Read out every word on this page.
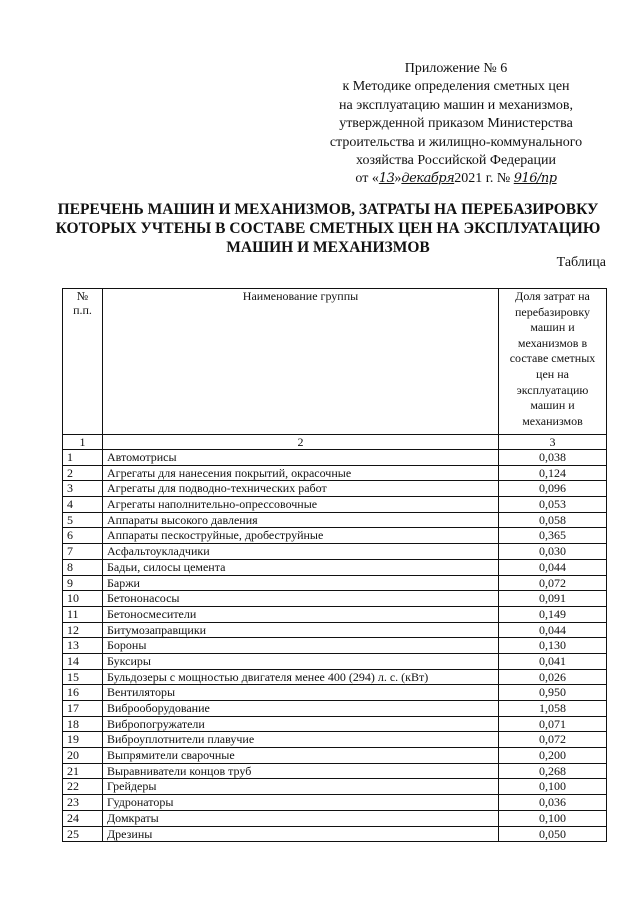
Приложение № 6
к Методике определения сметных цен
на эксплуатацию машин и механизмов,
утвержденной приказом Министерства
строительства и жилищно-коммунального
хозяйства Российской Федерации
от «13»декабря2021 г. № 916/пр
ПЕРЕЧЕНЬ МАШИН И МЕХАНИЗМОВ, ЗАТРАТЫ НА ПЕРЕБАЗИРОВКУ КОТОРЫХ УЧТЕНЫ В СОСТАВЕ СМЕТНЫХ ЦЕН НА ЭКСПЛУАТАЦИЮ МАШИН И МЕХАНИЗМОВ
Таблица
№ п.п.	Наименование группы	Доля затрат на перебазировку машин и механизмов в составе сметных цен на эксплуатацию машин и механизмов
1	2	3
1	Автомотрисы	0,038
2	Агрегаты для нанесения покрытий, окрасочные	0,124
3	Агрегаты для подводно-технических работ	0,096
4	Агрегаты наполнительно-опрессовочные	0,053
5	Аппараты высокого давления	0,058
6	Аппараты пескоструйные, дробеструйные	0,365
7	Асфальтоукладчики	0,030
8	Бадьи, силосы цемента	0,044
9	Баржи	0,072
10	Бетононасосы	0,091
11	Бетоносмесители	0,149
12	Битумозаправщики	0,044
13	Бороны	0,130
14	Буксиры	0,041
15	Бульдозеры с мощностью двигателя менее 400 (294) л. с. (кВт)	0,026
16	Вентиляторы	0,950
17	Виброоборудование	1,058
18	Вибропогружатели	0,071
19	Виброуплотнители плавучие	0,072
20	Выпрямители сварочные	0,200
21	Выравниватели концов труб	0,268
22	Грейдеры	0,100
23	Гудронаторы	0,036
24	Домкраты	0,100
25	Дрезины	0,050
